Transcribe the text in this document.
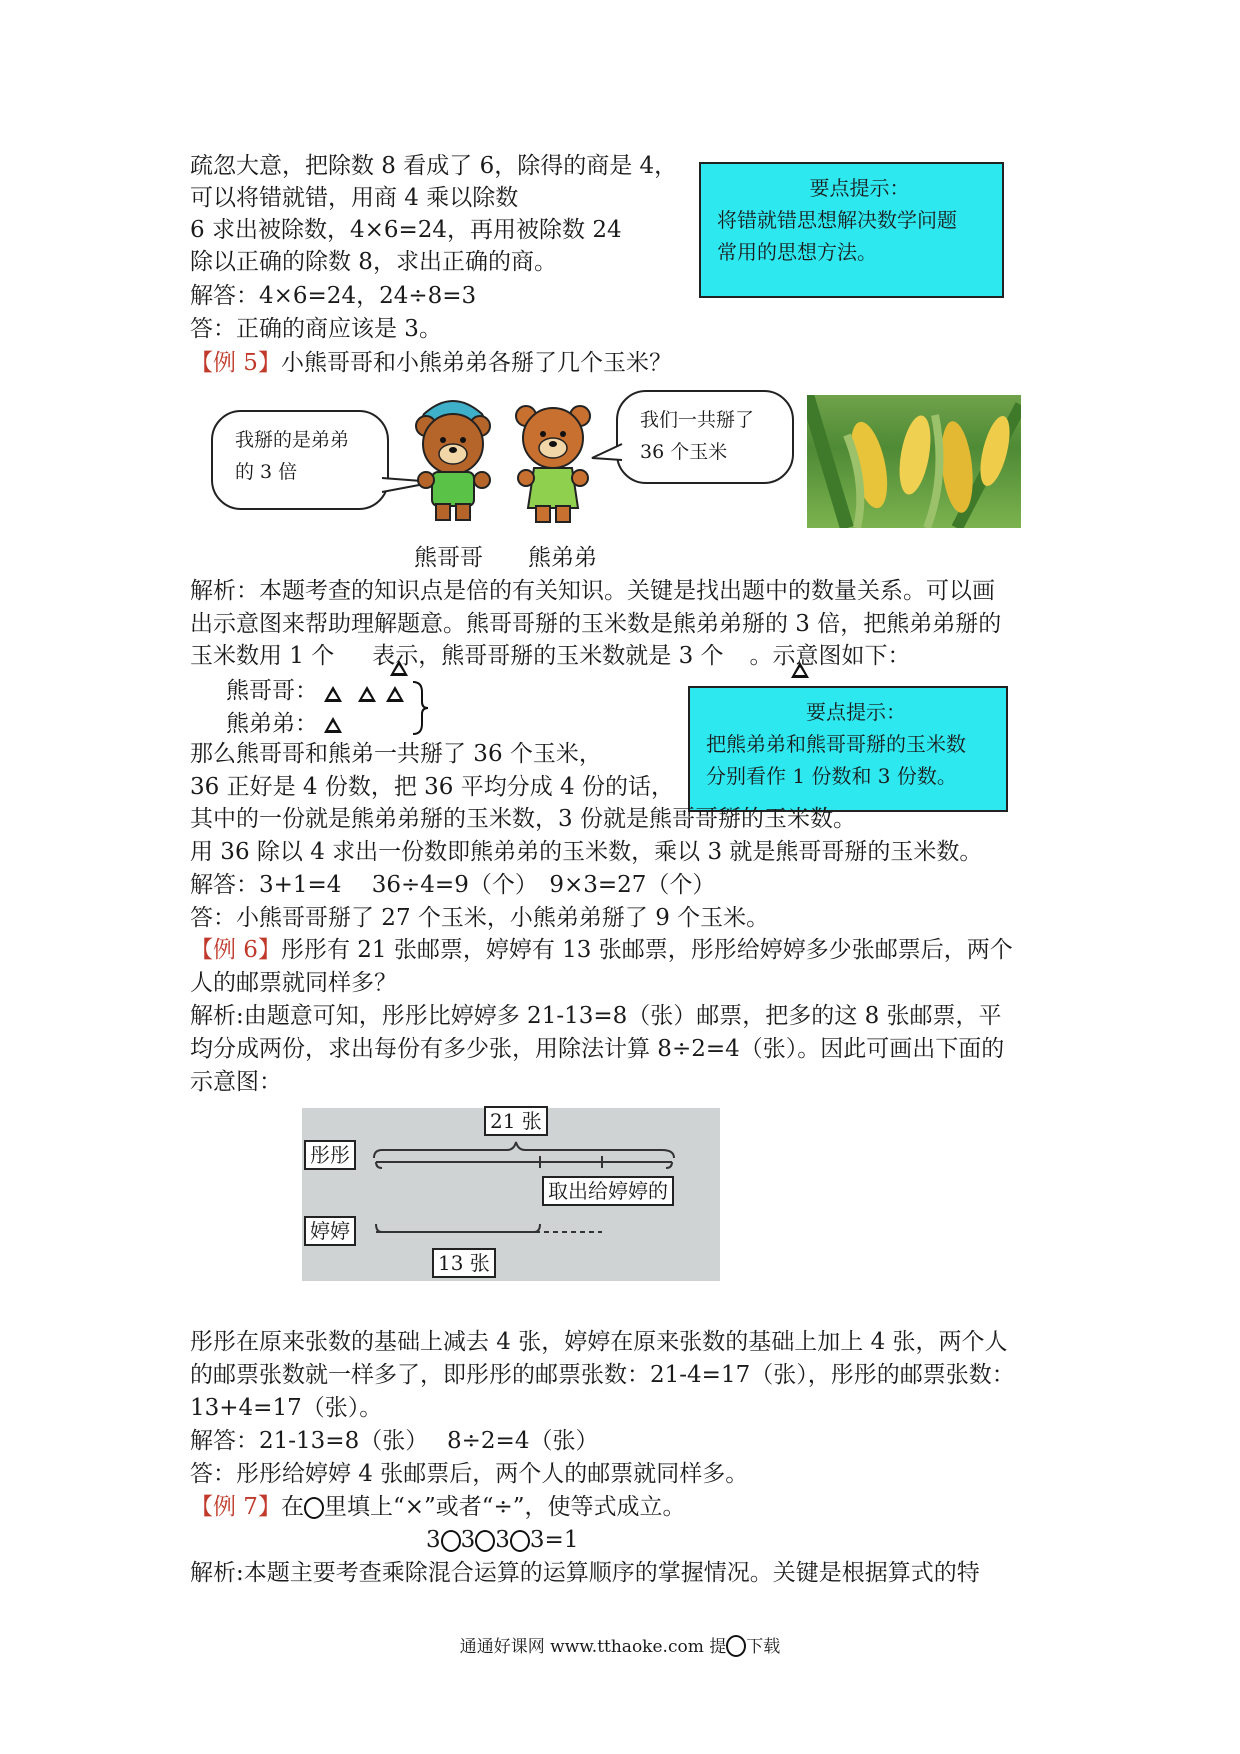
疏忽大意，把除数 8 看成了 6，除得的商是 4，
可以将错就错，用商 4 乘以除数
6 求出被除数，4×6=24，再用被除数 24
除以正确的除数 8，求出正确的商。
解答：4×6=24，24÷8=3
答：正确的商应该是 3。
要点提示：
将错就错思想解决数学问题
常用的思想方法。
【例 5】小熊哥哥和小熊弟弟各掰了几个玉米？
我掰的是弟弟
的 3 倍
我们一共掰了
36 个玉米
熊哥哥 熊弟弟
解析：本题考查的知识点是倍的有关知识。关键是找出题中的数量关系。可以画
出示意图来帮助理解题意。熊哥哥掰的玉米数是熊弟弟掰的 3 倍，把熊弟弟掰的
玉米数用 1 个 表示，熊哥哥掰的玉米数就是 3 个 。示意图如下：
熊哥哥：
熊弟弟：	要点提示：
把熊弟弟和熊哥哥掰的玉米数
分别看作 1 份数和 3 份数。
那么熊哥哥和熊弟一共掰了 36 个玉米，
36 正好是 4 份数，把 36 平均分成 4 份的话，
其中的一份就是熊弟弟掰的玉米数，3 份就是熊哥哥掰的玉米数。
用 36 除以 4 求出一份数即熊弟弟的玉米数，乘以 3 就是熊哥哥掰的玉米数。
解答：3+1=4　 36÷4=9（个）　9×3=27（个）
答：小熊哥哥掰了 27 个玉米，小熊弟弟掰了 9 个玉米。
【例 6】彤彤有 21 张邮票，婷婷有 13 张邮票，彤彤给婷婷多少张邮票后，两个
人的邮票就同样多？
解析:由题意可知，彤彤比婷婷多 21-13=8（张）邮票，把多的这 8 张邮票，平
均分成两份，求出每份有多少张，用除法计算 8÷2=4（张）。因此可画出下面的
示意图：
21 张
彤彤
取出给婷婷的
婷婷
13 张
彤彤在原来张数的基础上减去 4 张，婷婷在原来张数的基础上加上 4 张，两个人
的邮票张数就一样多了，即彤彤的邮票张数：21-4=17（张），彤彤的邮票张数：
13+4=17（张）。
解答：21-13=8（张）　 8÷2=4（张）
答：彤彤给婷婷 4 张邮票后，两个人的邮票就同样多。
【例 7】在 里填上“×”或者“÷”，使等式成立。
3 3 3 3=1
解析:本题主要考查乘除混合运算的运算顺序的掌握情况。关键是根据算式的特
通通好课网 www.tthaoke.com 提 下载
